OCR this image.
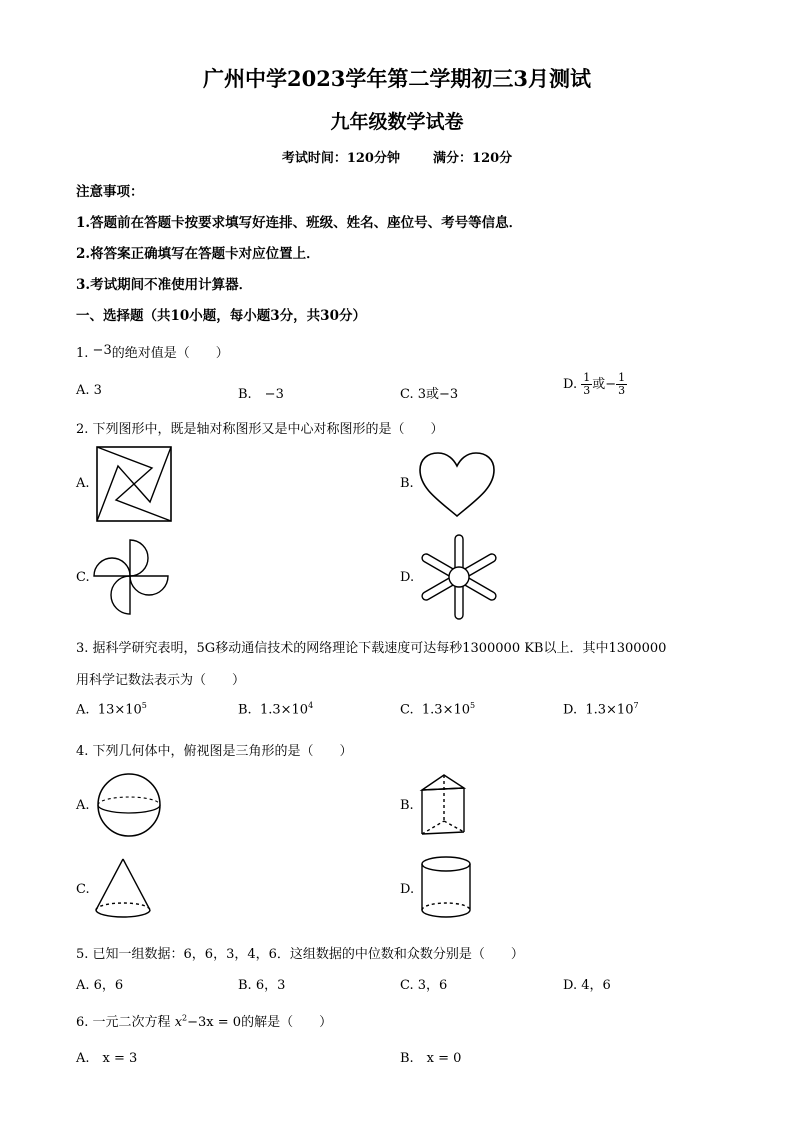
广州中学2023学年第二学期初三3月测试
九年级数学试卷
考试时间：120分钟	满分：120分
注意事项：
1.答题前在答题卡按要求填写好连排、班级、姓名、座位号、考号等信息．
2.将答案正确填写在答题卡对应位置上．
3.考试期间不准使用计算器．
一、选择题（共10小题，每小题3分，共30分）
1. −3的绝对值是（　　）
A. 3	B.　−3	C. 3或−3
D. $\frac{1}{3}$ 或− $\frac{1}{3}$
2. 下列图形中，既是轴对称图形又是中心对称图形的是（　　）
A.	B.
C.	D.
3. 据科学研究表明，5G移动通信技术的网络理论下载速度可达每秒1300000 KB以上．其中1300000
用科学记数法表示为（　　）
A. $13\times 10^5$	B. $1.3\times 10^4$	C. $1.3\times 10^5$	D. $1.3\times 10^7$
4. 下列几何体中，俯视图是三角形的是（　　）
A.	B.
C.	D.
5. 已知一组数据：6，6，3，4，6．这组数据的中位数和众数分别是（　　）
A. 6，6	B. 6，3	C. 3，6	D. 4，6
6. 一元二次方程 $x^2-3x = 0$的解是（　　）
A.　x = 3	B.　x = 0
